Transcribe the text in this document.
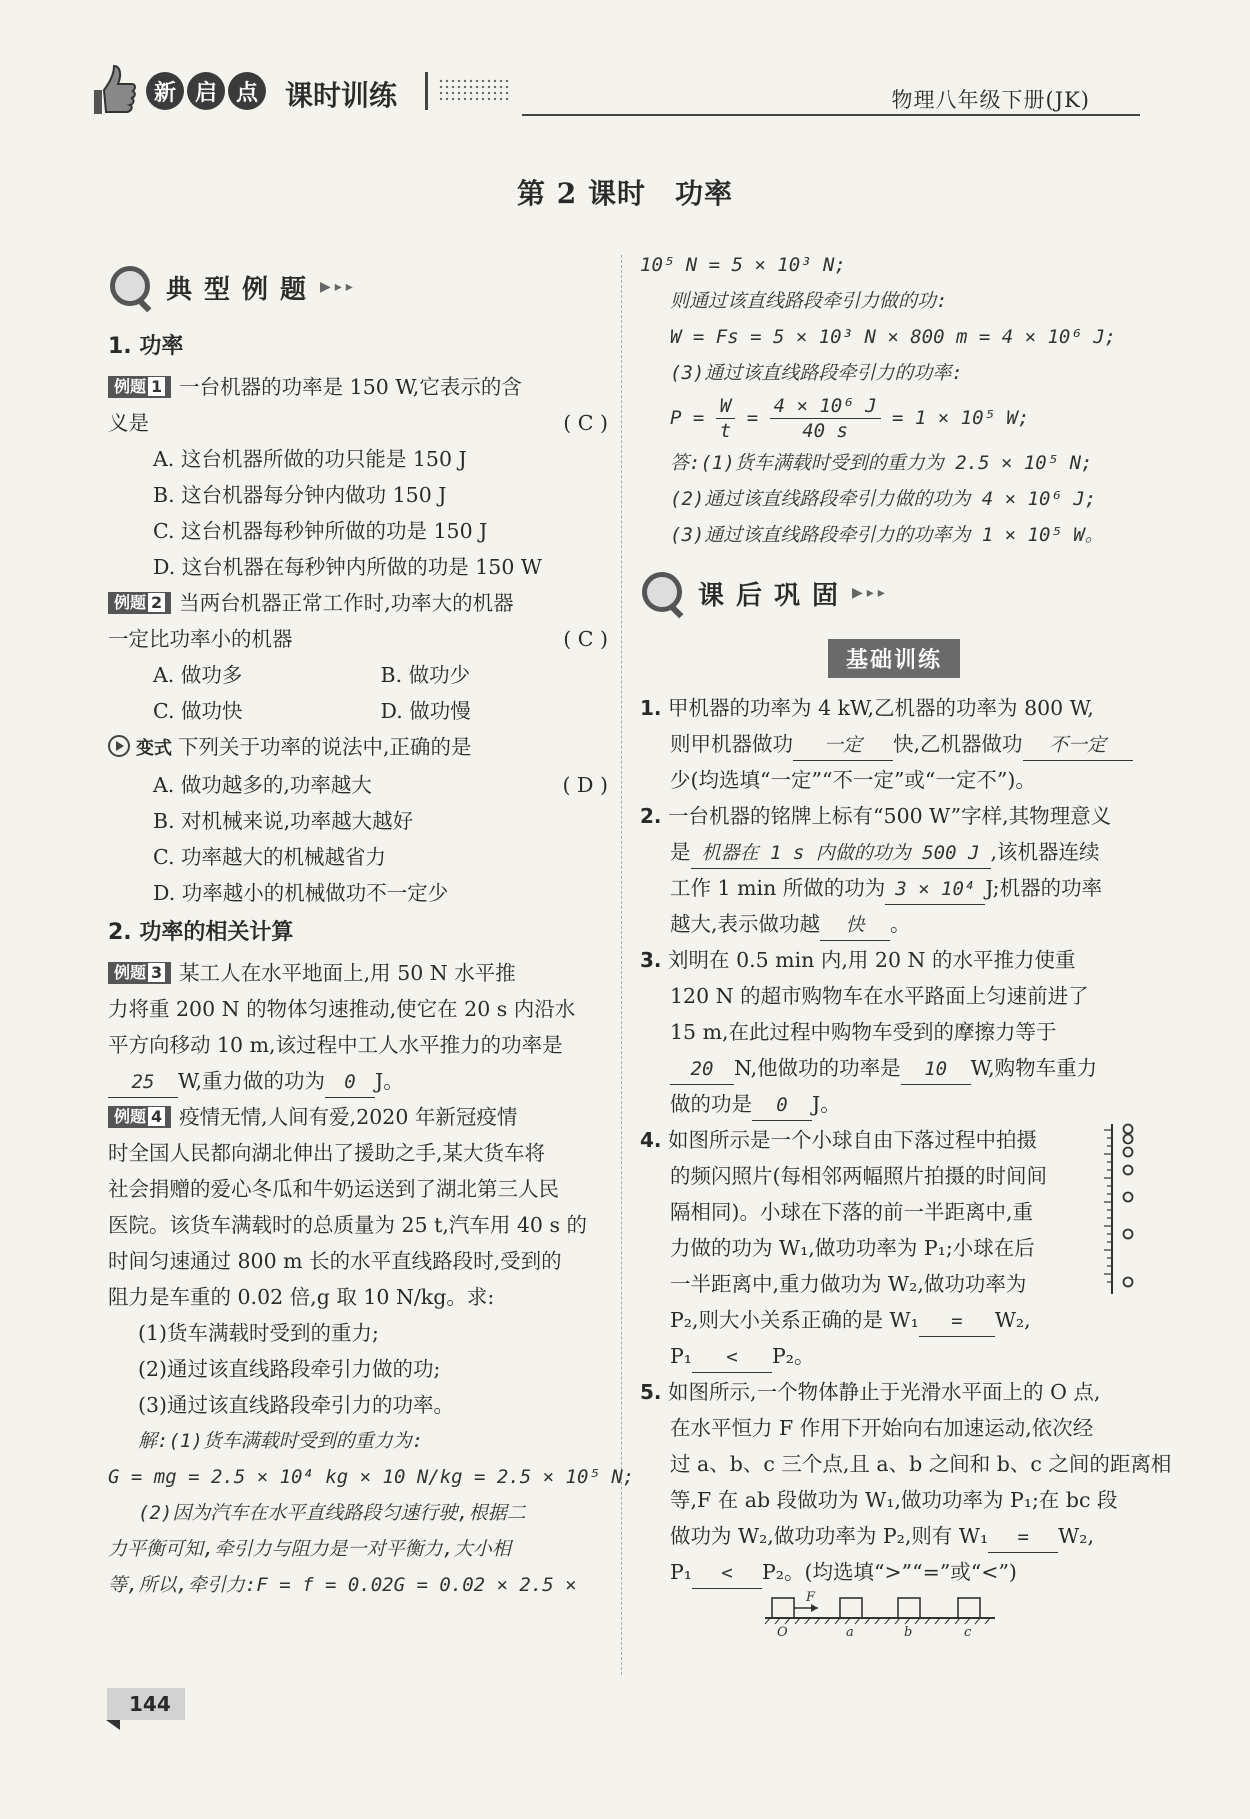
新 启 点 课时训练	物理八年级下册(JK)
第 2 课时　功率
典型例题 ▶▸▸
1. 功率
例题 1 一台机器的功率是 150 W,它表示的含
义是	( C )
A. 这台机器所做的功只能是 150 J
B. 这台机器每分钟内做功 150 J
C. 这台机器每秒钟所做的功是 150 J
D. 这台机器在每秒钟内所做的功是 150 W
例题 2 当两台机器正常工作时,功率大的机器
一定比功率小的机器	( C )
A. 做功多	B. 做功少
C. 做功快	D. 做功慢
变式 下列关于功率的说法中,正确的是
( D )
A. 做功越多的,功率越大
B. 对机械来说,功率越大越好
C. 功率越大的机械越省力
D. 功率越小的机械做功不一定少
2. 功率的相关计算
例题 3 某工人在水平地面上,用 50 N 水平推
力将重 200 N 的物体匀速推动,使它在 20 s 内沿水
平方向移动 10 m,该过程中工人水平推力的功率是
25 W,重力做的功为 0 J。
例题 4 疫情无情,人间有爱,2020 年新冠疫情
时全国人民都向湖北伸出了援助之手,某大货车将
社会捐赠的爱心冬瓜和牛奶运送到了湖北第三人民
医院。该货车满载时的总质量为 25 t,汽车用 40 s 的
时间匀速通过 800 m 长的水平直线路段时,受到的
阻力是车重的 0.02 倍,g 取 10 N/kg。求:
(1)货车满载时受到的重力;
(2)通过该直线路段牵引力做的功;
(3)通过该直线路段牵引力的功率。
解:(1)货车满载时受到的重力为:
G = mg = 2.5 × 10⁴ kg × 10 N/kg = 2.5 × 10⁵ N;
(2)因为汽车在水平直线路段匀速行驶,根据二
力平衡可知,牵引力与阻力是一对平衡力,大小相
等,所以,牵引力:F = f = 0.02G = 0.02 × 2.5 ×
10⁵ N = 5 × 10³ N;
则通过该直线路段牵引力做的功:
W = Fs = 5 × 10³ N × 800 m = 4 × 10⁶ J;
(3)通过该直线路段牵引力的功率:
$P = \frac{W}{t} = \frac{\text{4 × 10⁶ J}}{40 s} = 1 \times 10^5$ W;
答:(1)货车满载时受到的重力为 2.5 × 10⁵ N;
(2)通过该直线路段牵引力做的功为 4 × 10⁶ J;
(3)通过该直线路段牵引力的功率为 1 × 10⁵ W。
课后巩固 ▶▸▸
基础训练
1. 甲机器的功率为 4 kW,乙机器的功率为 800 W,
则甲机器做功 一定 快,乙机器做功 不一定
少(均选填“一定”“不一定”或“一定不”)。
2. 一台机器的铭牌上标有“500 W”字样,其物理意义
是 机器在 1 s 内做的功为 500 J ,该机器连续
工作 1 min 所做的功为 3 × 10⁴ J;机器的功率
越大,表示做功越 快 。
3. 刘明在 0.5 min 内,用 20 N 的水平推力使重
120 N 的超市购物车在水平路面上匀速前进了
15 m,在此过程中购物车受到的摩擦力等于
20 N,他做功的功率是 10 W,购物车重力
做的功是 0 J。
4. 如图所示是一个小球自由下落过程中拍摄
的频闪照片(每相邻两幅照片拍摄的时间间
隔相同)。小球在下落的前一半距离中,重
力做的功为 W₁,做功功率为 P₁;小球在后
一半距离中,重力做功为 W₂,做功功率为
P₂,则大小关系正确的是 W₁ = W₂,
P₁ < P₂。
5. 如图所示,一个物体静止于光滑水平面上的 O 点,
在水平恒力 F 作用下开始向右加速运动,依次经
过 a、b、c 三个点,且 a、b 之间和 b、c 之间的距离相
等,F 在 ab 段做功为 W₁,做功功率为 P₁;在 bc 段
做功为 W₂,做功功率为 P₂,则有 W₁ = W₂,
P₁ < P₂。(均选填“>”“=”或“<”)
O	a	b	c
F
144
